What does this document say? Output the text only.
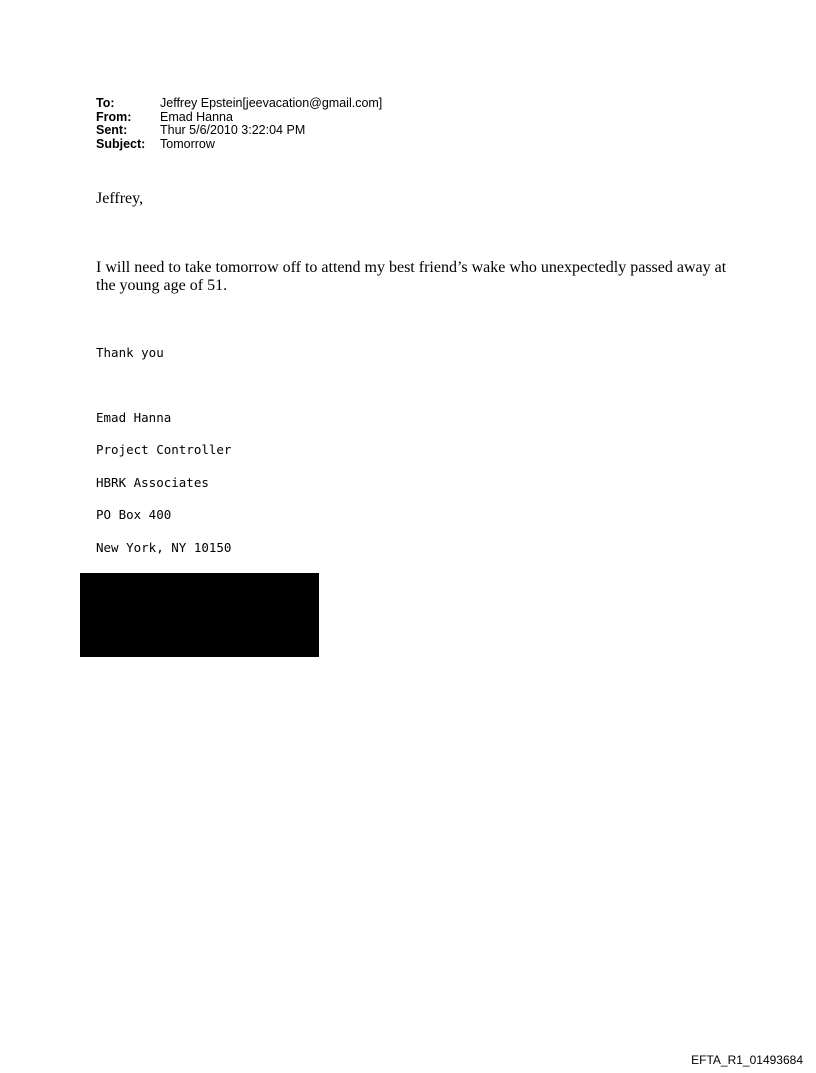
To:	Jeffrey Epstein[jeevacation@gmail.com]
From:	Emad Hanna
Sent:	Thur 5/6/2010 3:22:04 PM
Subject:	Tomorrow
Jeffrey,
I will need to take tomorrow off to attend my best friend’s wake who unexpectedly passed away at the young age of 51.
Thank you
Emad Hanna
Project Controller
HBRK Associates
PO Box 400
New York, NY 10150
EFTA_R1_01493684
